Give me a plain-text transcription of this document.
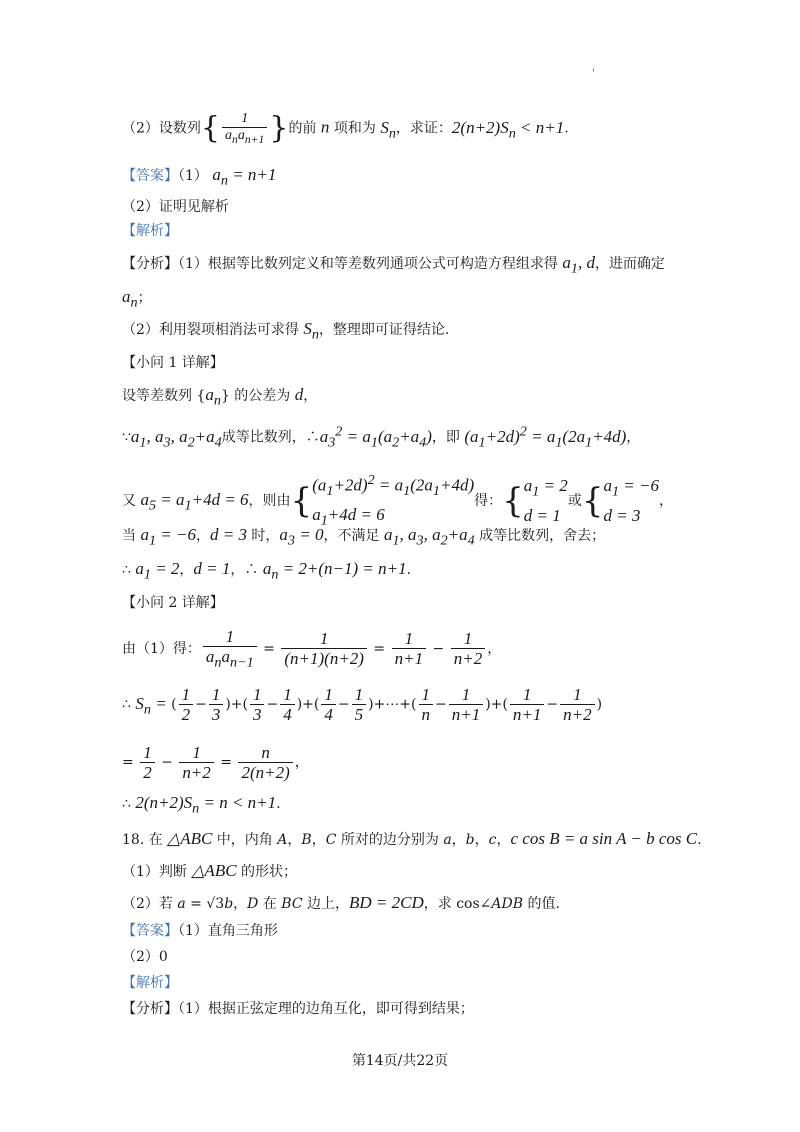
'
（2）设数列{ $\frac{1}{a_na_{n+1}}$ }的前 n 项和为 $S_n$，求证：$2(n+2)S_n < n+1$.
【答案】（1） $a_n = n+1$
（2）证明见解析
【解析】
【分析】（1）根据等比数列定义和等差数列通项公式可构造方程组求得 $a_1$, d，进而确定
$a_n$；
（2）利用裂项相消法可求得 $S_n$，整理即可证得结论.
【小问 1 详解】
设等差数列 $\{a_n\}$ 的公差为 d，
$\because a_1$, $a_3$, $a_2+a_4$成等比数列，$\therefore a_3^2 = a_1(a_2+a_4)$，即 $(a_1+2d)^2 = a_1(2a_1+4d)$，
又 $a_5 = a_1+4d = 6$，则由{$(a_1+2d)^2 = a_1(2a_1+4d)$
$a_1+4d = 6$得：{$a_1 = 2$
d = 1或{$a_1 = -6$
d = 3，
当 $a_1 = -6$，d = 3 时，$a_3 = 0$，不满足 $a_1$, $a_3$, $a_2+a_4$ 成等比数列，舍去；
∴ $a_1 = 2$，d = 1，∴ $a_n = 2+(n-1) = n+1$.
【小问 2 详解】
由（1）得： $\frac{1}{a_na_{n-1}} = \frac{1}{(n+1)(n+2)} = \frac{1}{n+1} - \frac{1}{n+2}$ ，
∴ $S_n$ = ( $\frac{1}{2} - \frac{1}{3}$ )+( $\frac{1}{3} - \frac{1}{4}$ )+( $\frac{1}{4} - \frac{1}{5}$ )+⋯+( $\frac{1}{n} - \frac{1}{n+1}$ )+( $\frac{1}{n+1} - \frac{1}{n+2}$ )
= $\frac{1}{2} - \frac{1}{n+2} = \frac{n}{2(n+2)}$ ，
∴ $2(n+2)S_n = n < n+1$.
18. 在 △ABC 中，内角 A，B，C 所对的边分别为 a，b，c，c cos B = a sin A − b cos C.
（1）判断 △ABC 的形状；
（2）若 a = √3b，D 在 BC 边上，BD = 2CD，求 cos∠ADB 的值.
【答案】（1）直角三角形
（2）0
【解析】
【分析】（1）根据正弦定理的边角互化，即可得到结果；
第14页/共22页
